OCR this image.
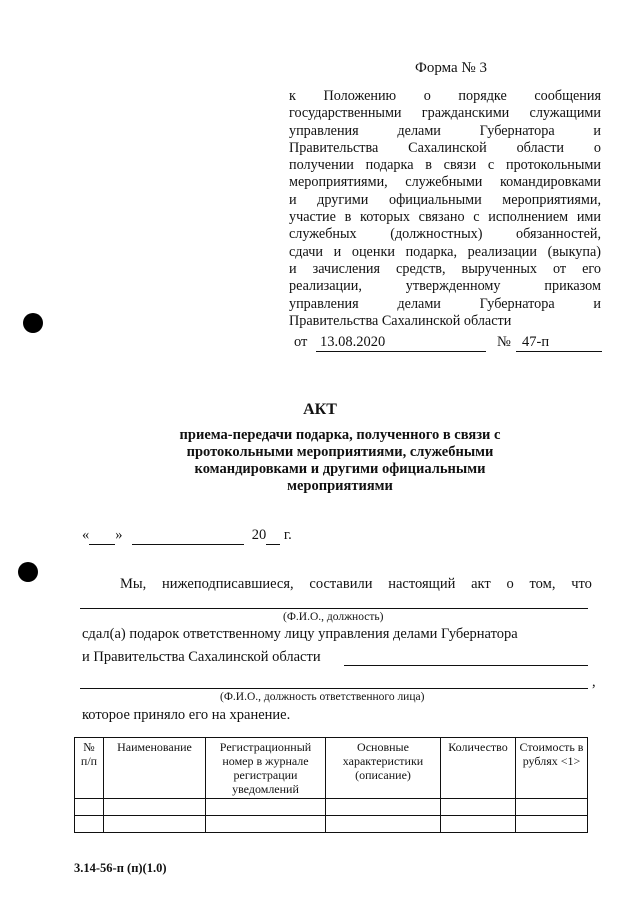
Форма № 3
к Положению о порядке сообщения
государственными гражданскими служащими
управления делами Губернатора и
Правительства Сахалинской области о
получении подарка в связи с протокольными
мероприятиями, служебными командировками
и другими официальными мероприятиями,
участие в которых связано с исполнением ими
служебных (должностных) обязанностей,
сдачи и оценки подарка, реализации (выкупа)
и зачисления средств, вырученных от его
реализации, утвержденному приказом
управления делами Губернатора и
Правительства Сахалинской области
от 13.08.2020	№ 47-п
АКТ
приема-передачи подарка, полученного в связи с протокольными мероприятиями, служебными командировками и другими официальными мероприятиями
« »	20 г.
Мы, нижеподписавшиеся, составили настоящий акт о том, что
(Ф.И.О., должность)
сдал(а) подарок ответственному лицу управления делами Губернатора
и Правительства Сахалинской области
,
(Ф.И.О., должность ответственного лица)
которое приняло его на хранение.
№ п/п	Наименование	Регистрационный номер в журнале регистрации уведомлений	Основные характеристики (описание)	Количество	Стоимость в рублях <1>

3.14-56-п (п)(1.0)
